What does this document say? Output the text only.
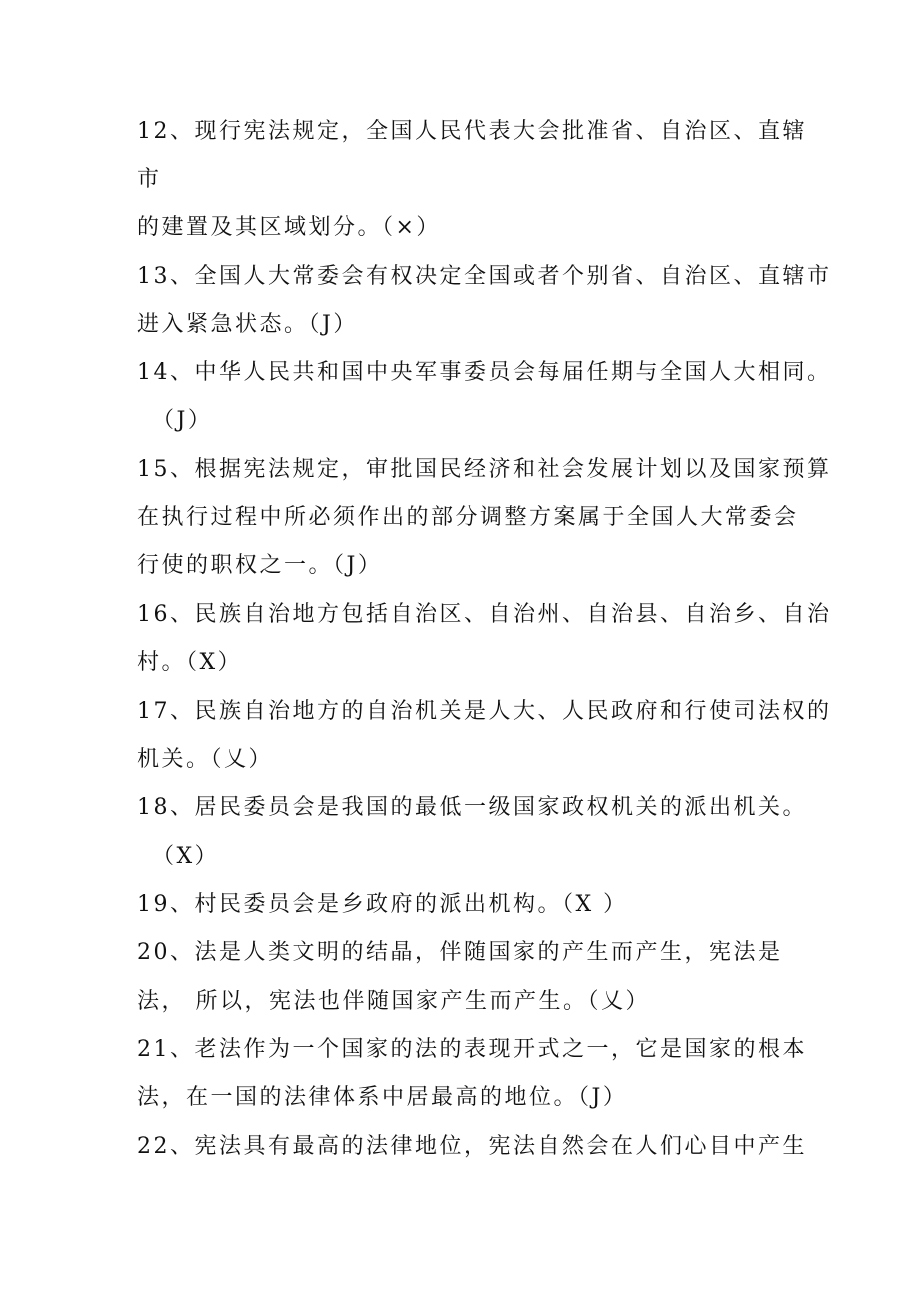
12、现行宪法规定，全国人民代表大会批准省、自治区、直辖

市

的建置及其区域划分。（×）

13、全国人大常委会有权决定全国或者个别省、自治区、直辖市

进入紧急状态。（J）

14、中华人民共和国中央军事委员会每届任期与全国人大相同。

（J）

15、根据宪法规定，审批国民经济和社会发展计划以及国家预算

在执行过程中所必须作出的部分调整方案属于全国人大常委会

行使的职权之一。（J）

16、民族自治地方包括自治区、自治州、自治县、自治乡、自治

村。（X）

17、民族自治地方的自治机关是人大、人民政府和行使司法权的

机关。（乂）

18、居民委员会是我国的最低一级国家政权机关的派出机关。

（X）

19、村民委员会是乡政府的派出机构。（X ）

20、法是人类文明的结晶，伴随国家的产生而产生，宪法是

法， 所以，宪法也伴随国家产生而产生。（乂）

21、老法作为一个国家的法的表现开式之一，它是国家的根本

法，在一国的法律体系中居最高的地位。（J）

22、宪法具有最高的法律地位，宪法自然会在人们心目中产生
